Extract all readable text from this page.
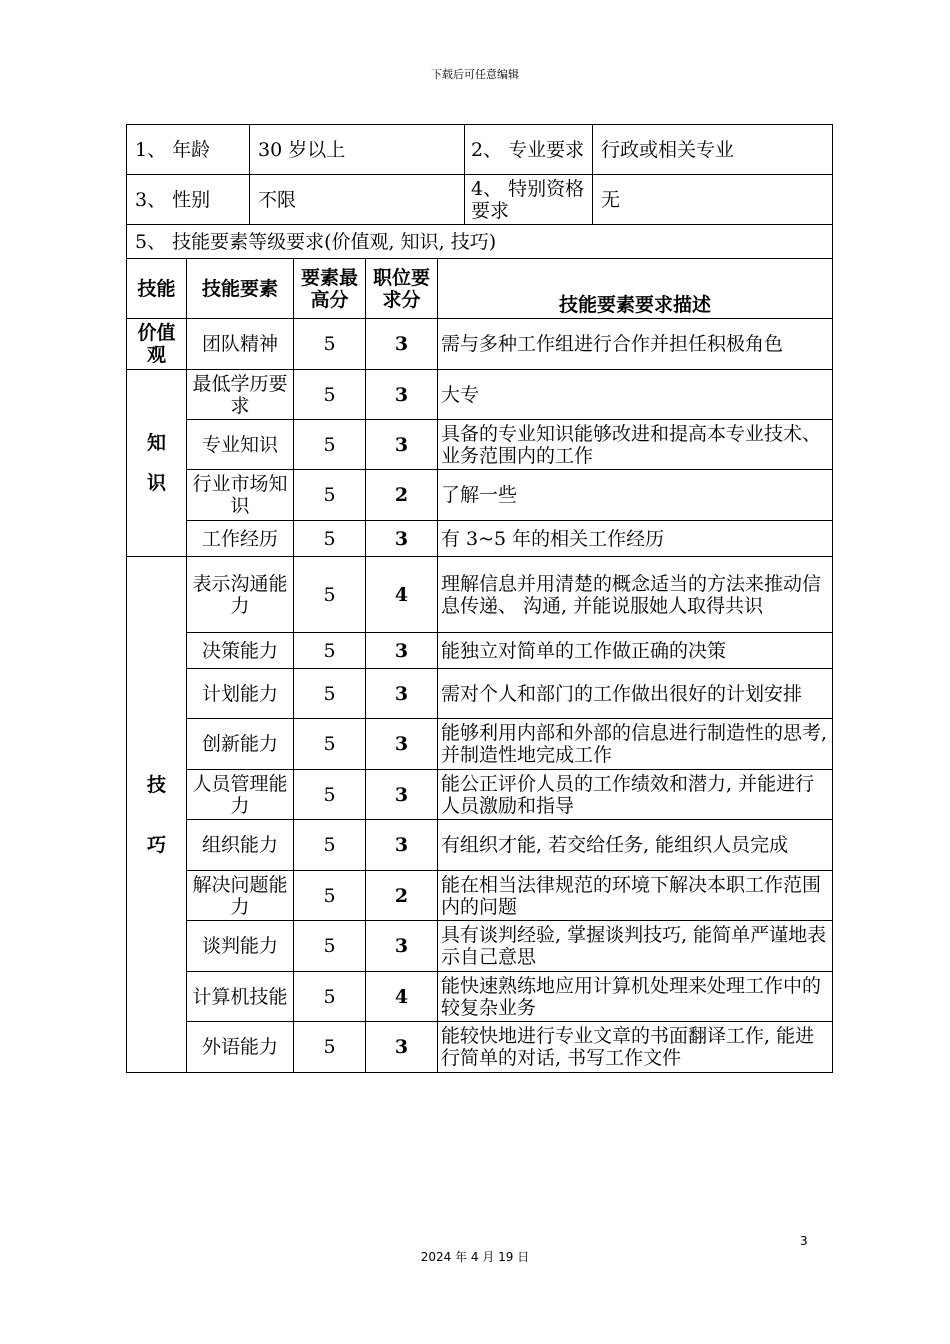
下载后可任意编辑
1、 年龄		30 岁以上				2、 专业要求	行政或相关专业
3、 性别		不限				4、 特别资格要求	无
5、 技能要素等级要求(价值观, 知识, 技巧)							
技能	技能要素		要素最高分	职位要求分	技能要素要求描述		
价值观	团队精神		5	3	需与多种工作组进行合作并担任积极角色		

知
识	最低学历要求		5	3	大专		
	专业知识		5	3	具备的专业知识能够改进和提高本专业技术、 业务范围内的工作		
	行业市场知识		5	2	了解一些		
	工作经历		5	3	有 3~5 年的相关工作经历		

技
巧	表示沟通能力		5	4	理解信息并用清楚的概念适当的方法来推动信息传递、 沟通, 并能说服她人取得共识		
	决策能力		5	3	能独立对简单的工作做正确的决策		
	计划能力		5	3	需对个人和部门的工作做出很好的计划安排		
	创新能力		5	3	能够利用内部和外部的信息进行制造性的思考, 并制造性地完成工作		
	人员管理能力		5	3	能公正评价人员的工作绩效和潜力, 并能进行人员激励和指导		
	组织能力		5	3	有组织才能, 若交给任务, 能组织人员完成		
	解决问题能力		5	2	能在相当法律规范的环境下解决本职工作范围内的问题		
	谈判能力		5	3	具有谈判经验, 掌握谈判技巧, 能简单严谨地表示自己意思		
	计算机技能		5	4	能快速熟练地应用计算机处理来处理工作中的较复杂业务		
	外语能力		5	3	能较快地进行专业文章的书面翻译工作, 能进行简单的对话, 书写工作文件		
3
2024 年 4 月 19 日
